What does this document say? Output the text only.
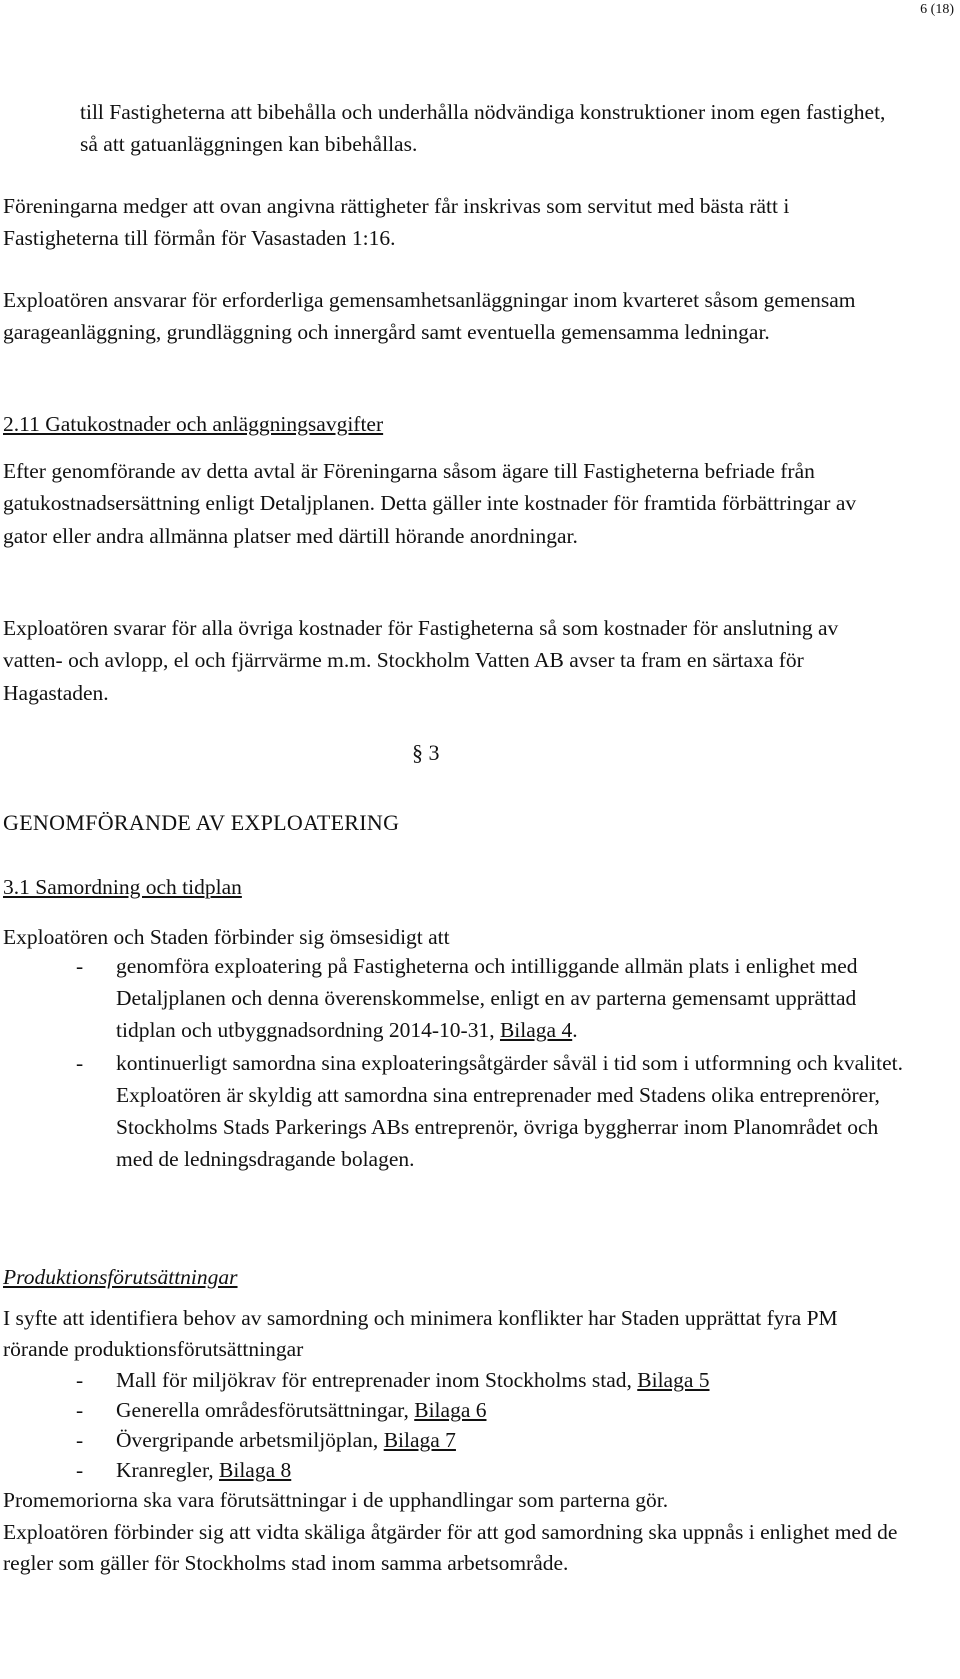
6 (18)

till Fastigheterna att bibehålla och underhålla nödvändiga konstruktioner inom egen fastighet, så att gatuanläggningen kan bibehållas.

Föreningarna medger att ovan angivna rättigheter får inskrivas som servitut med bästa rätt i Fastigheterna till förmån för Vasastaden 1:16.

Exploatören ansvarar för erforderliga gemensamhetsanläggningar inom kvarteret såsom gemensam garageanläggning, grundläggning och innergård samt eventuella gemensamma ledningar.

2.11 Gatukostnader och anläggningsavgifter

Efter genomförande av detta avtal är Föreningarna såsom ägare till Fastigheterna befriade från gatukostnadsersättning enligt Detaljplanen. Detta gäller inte kostnader för framtida förbättringar av gator eller andra allmänna platser med därtill hörande anordningar.

Exploatören svarar för alla övriga kostnader för Fastigheterna så som kostnader för anslutning av vatten- och avlopp, el och fjärrvärme m.m. Stockholm Vatten AB avser ta fram en särtaxa för Hagastaden.

§ 3

GENOMFÖRANDE AV EXPLOATERING

3.1 Samordning och tidplan

Exploatören och Staden förbinder sig ömsesidigt att

- genomföra exploatering på Fastigheterna och intilliggande allmän plats i enlighet med Detaljplanen och denna överenskommelse, enligt en av parterna gemensamt upprättad tidplan och utbyggnadsordning 2014-10-31, Bilaga 4.
- kontinuerligt samordna sina exploateringsåtgärder såväl i tid som i utformning och kvalitet. Exploatören är skyldig att samordna sina entreprenader med Stadens olika entreprenörer, Stockholms Stads Parkerings ABs entreprenör, övriga byggherrar inom Planområdet och med de ledningsdragande bolagen.

Produktionsförutsättningar

I syfte att identifiera behov av samordning och minimera konflikter har Staden upprättat fyra PM rörande produktionsförutsättningar

- Mall för miljökrav för entreprenader inom Stockholms stad, Bilaga 5
- Generella områdesförutsättningar, Bilaga 6
- Övergripande arbetsmiljöplan, Bilaga 7
- Kranregler, Bilaga 8

Promemoriorna ska vara förutsättningar i de upphandlingar som parterna gör.

Exploatören förbinder sig att vidta skäliga åtgärder för att god samordning ska uppnås i enlighet med de regler som gäller för Stockholms stad inom samma arbetsområde.
